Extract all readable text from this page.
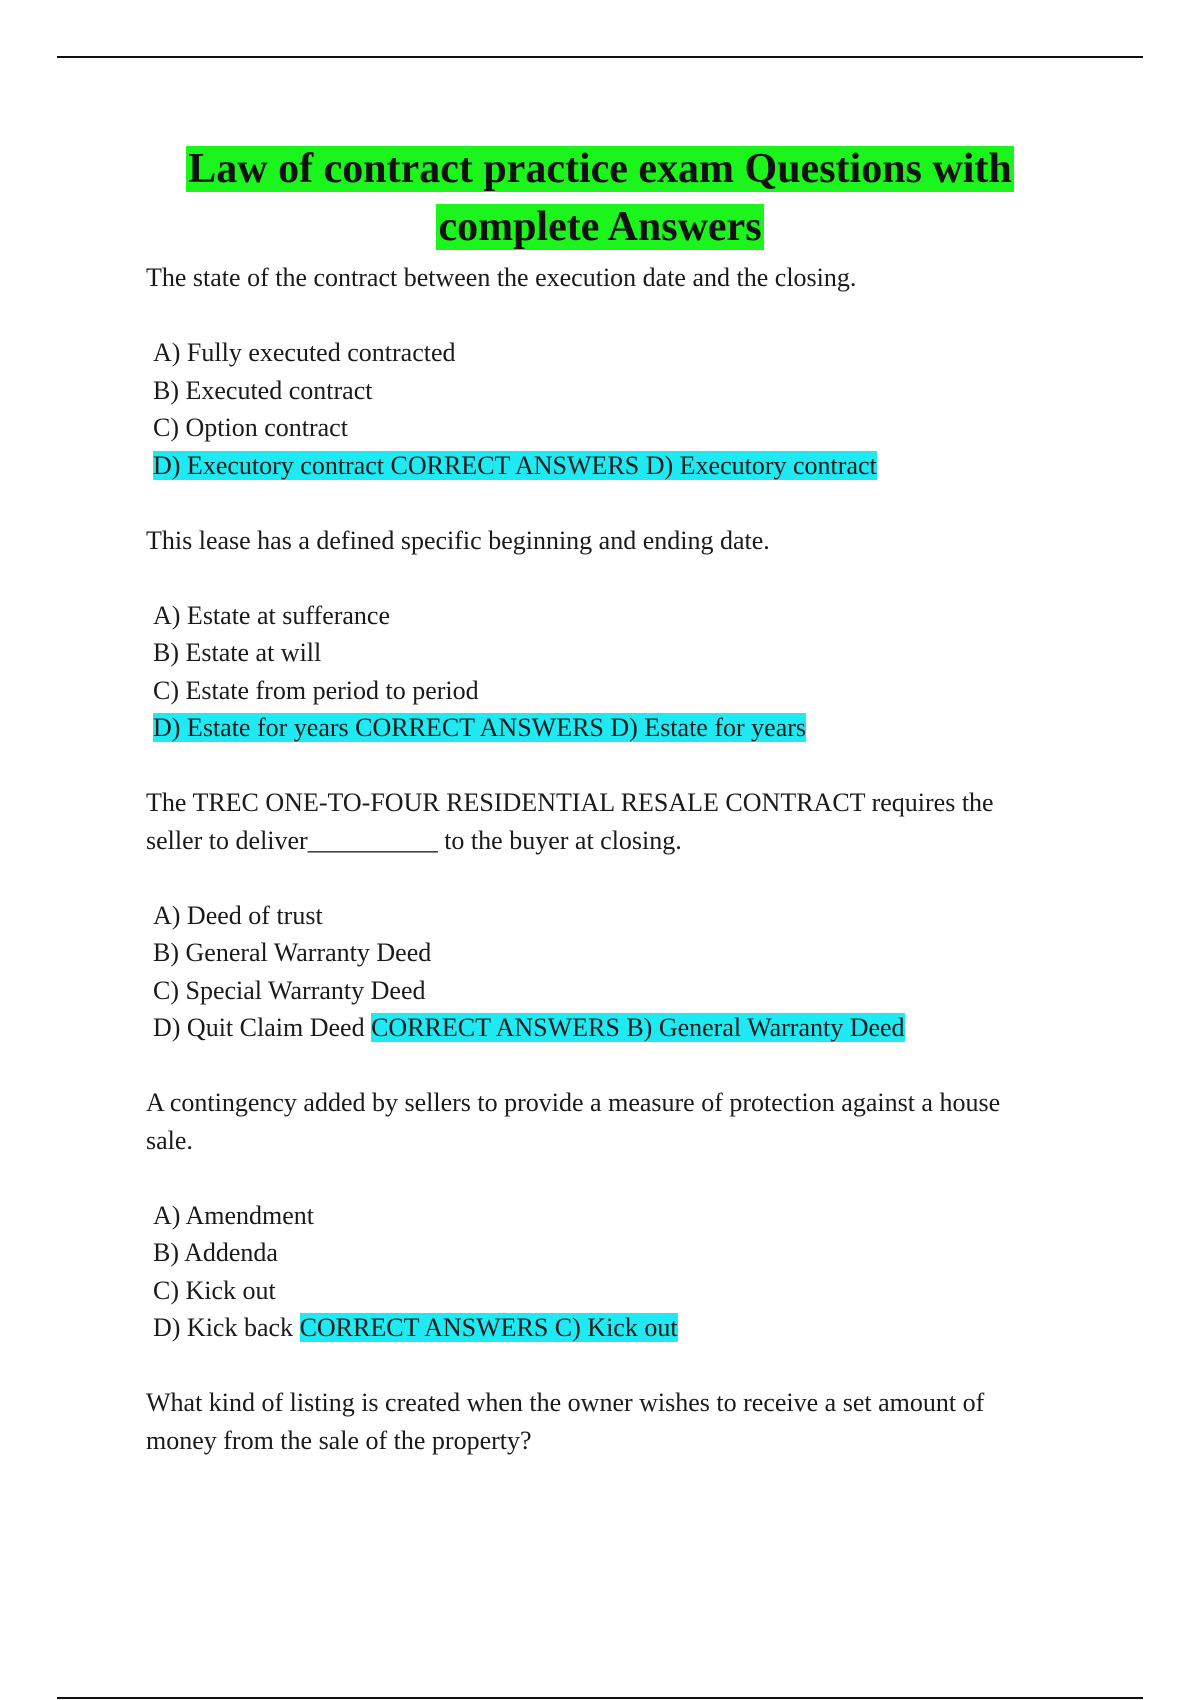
Law of contract practice exam Questions with
complete Answers

The state of the contract between the execution date and the closing.

A) Fully executed contracted

B) Executed contract

C) Option contract

D) Executory contract CORRECT ANSWERS D) Executory contract

This lease has a defined specific beginning and ending date.

A) Estate at sufferance

B) Estate at will

C) Estate from period to period

D) Estate for years CORRECT ANSWERS D) Estate for years

The TREC ONE-TO-FOUR RESIDENTIAL RESALE CONTRACT requires the

seller to deliver__________ to the buyer at closing.

A) Deed of trust

B) General Warranty Deed

C) Special Warranty Deed

D) Quit Claim Deed CORRECT ANSWERS B) General Warranty Deed

A contingency added by sellers to provide a measure of protection against a house

sale.

A) Amendment

B) Addenda

C) Kick out

D) Kick back CORRECT ANSWERS C) Kick out

What kind of listing is created when the owner wishes to receive a set amount of

money from the sale of the property?
